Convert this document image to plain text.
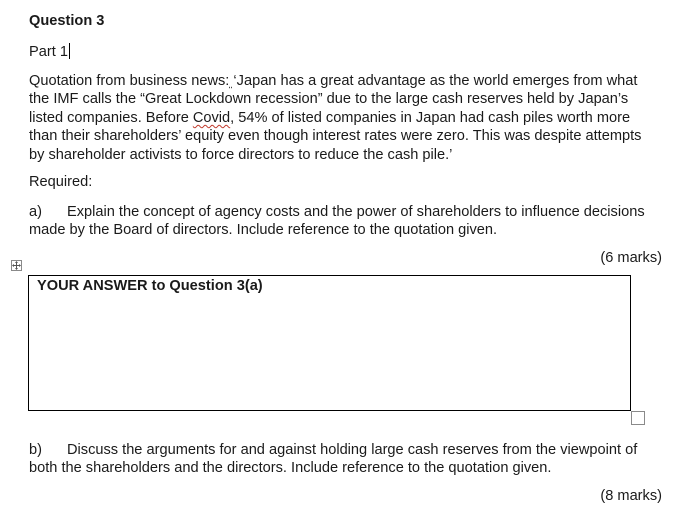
Question 3
Part 1
Quotation from business news: ‘Japan has a great advantage as the world emerges from what the IMF calls the “Great Lockdown recession” due to the large cash reserves held by Japan’s listed companies. Before Covid, 54% of listed companies in Japan had cash piles worth more than their shareholders’ equity even though interest rates were zero. This was despite attempts by shareholder activists to force directors to reduce the cash pile.’
Required:
a) Explain the concept of agency costs and the power of shareholders to influence decisions made by the Board of directors. Include reference to the quotation given.
(6 marks)
YOUR ANSWER to Question 3(a)
b) Discuss the arguments for and against holding large cash reserves from the viewpoint of both the shareholders and the directors. Include reference to the quotation given.
(8 marks)
